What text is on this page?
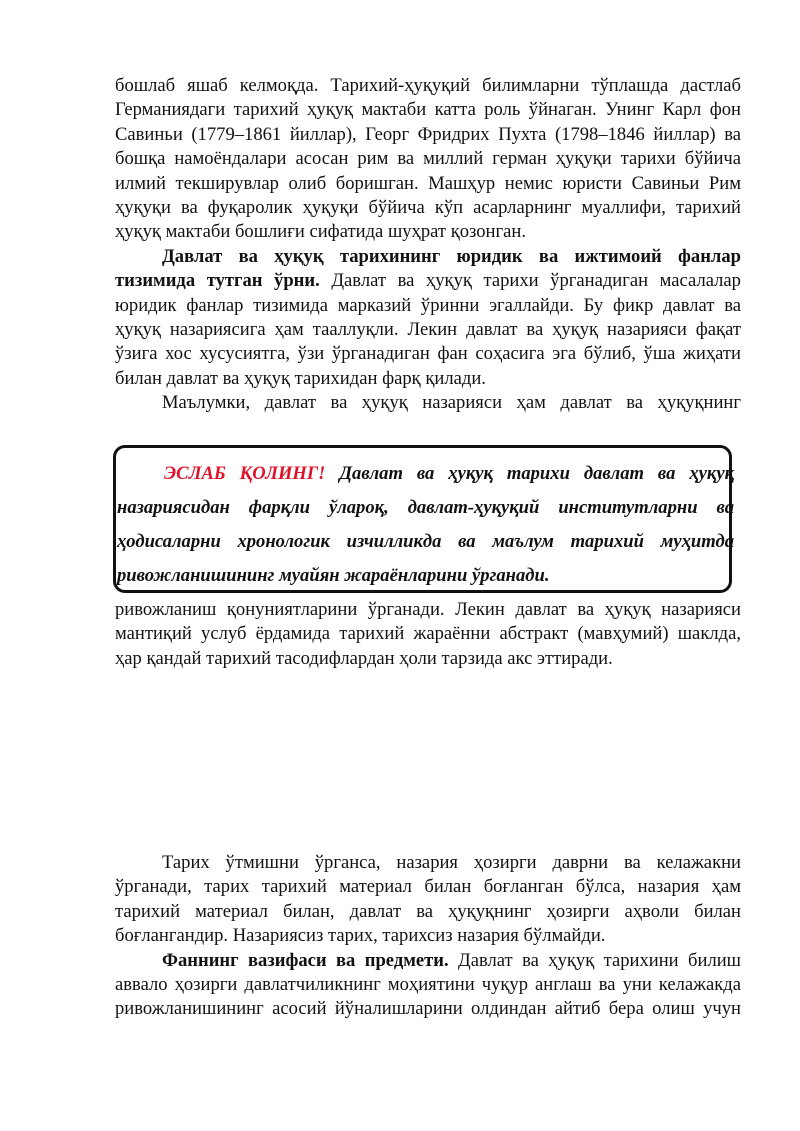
бошлаб яшаб келмоқда. Тарихий-ҳуқуқий билимларни тўплашда дастлаб

Германиядаги тарихий ҳуқуқ мактаби катта роль ўйнаган. Унинг Карл фон

Савиньи (1779–1861 йиллар), Георг Фридрих Пухта (1798–1846 йиллар) ва

бошқа намоёндалари асосан рим ва миллий герман ҳуқуқи тарихи бўйича

илмий текширувлар олиб боришган. Машҳур немис юристи Савиньи Рим

ҳуқуқи ва фуқаролик ҳуқуқи бўйича кўп асарларнинг муаллифи, тарихий

ҳуқуқ мактаби бошлиғи сифатида шуҳрат қозонган.

Давлат ва ҳуқуқ тарихининг юридик ва ижтимоий фанлар

тизимида тутган ўрни. Давлат ва ҳуқуқ тарихи ўрганадиган масалалар

юридик фанлар тизимида марказий ўринни эгаллайди. Бу фикр давлат ва

ҳуқуқ назариясига ҳам тааллуқли. Лекин давлат ва ҳуқуқ назарияси фақат

ўзига хос хусусиятга, ўзи ўрганадиган фан соҳасига эга бўлиб, ўша жиҳати

билан давлат ва ҳуқуқ тарихидан фарқ қилади.

Маълумки, давлат ва ҳуқуқ назарияси ҳам давлат ва ҳуқуқнинг

ЭСЛАБ ҚОЛИНГ! Давлат ва ҳуқуқ тарихи давлат ва ҳуқуқ

назариясидан фарқли ўлароқ, давлат-ҳуқуқий институтларни ва

ҳодисаларни хронологик изчилликда ва маълум тарихий муҳитда

ривожланишининг муайян жараёнларини ўрганади.

ривожланиш қонуниятларини ўрганади. Лекин давлат ва ҳуқуқ назарияси

мантиқий услуб ёрдамида тарихий жараённи абстракт (мавҳумий) шаклда,

ҳар қандай тарихий тасодифлардан ҳоли тарзида акс эттиради.

Тарих ўтмишни ўрганса, назария ҳозирги даврни ва келажакни

ўрганади, тарих тарихий материал билан боғланган бўлса, назария ҳам

тарихий материал билан, давлат ва ҳуқуқнинг ҳозирги аҳволи билан

боғлангандир. Назариясиз тарих, тарихсиз назария бўлмайди.

Фаннинг вазифаси ва предмети. Давлат ва ҳуқуқ тарихини билиш

аввало ҳозирги давлатчиликнинг моҳиятини чуқур англаш ва уни келажакда

ривожланишининг асосий йўналишларини олдиндан айтиб бера олиш учун
